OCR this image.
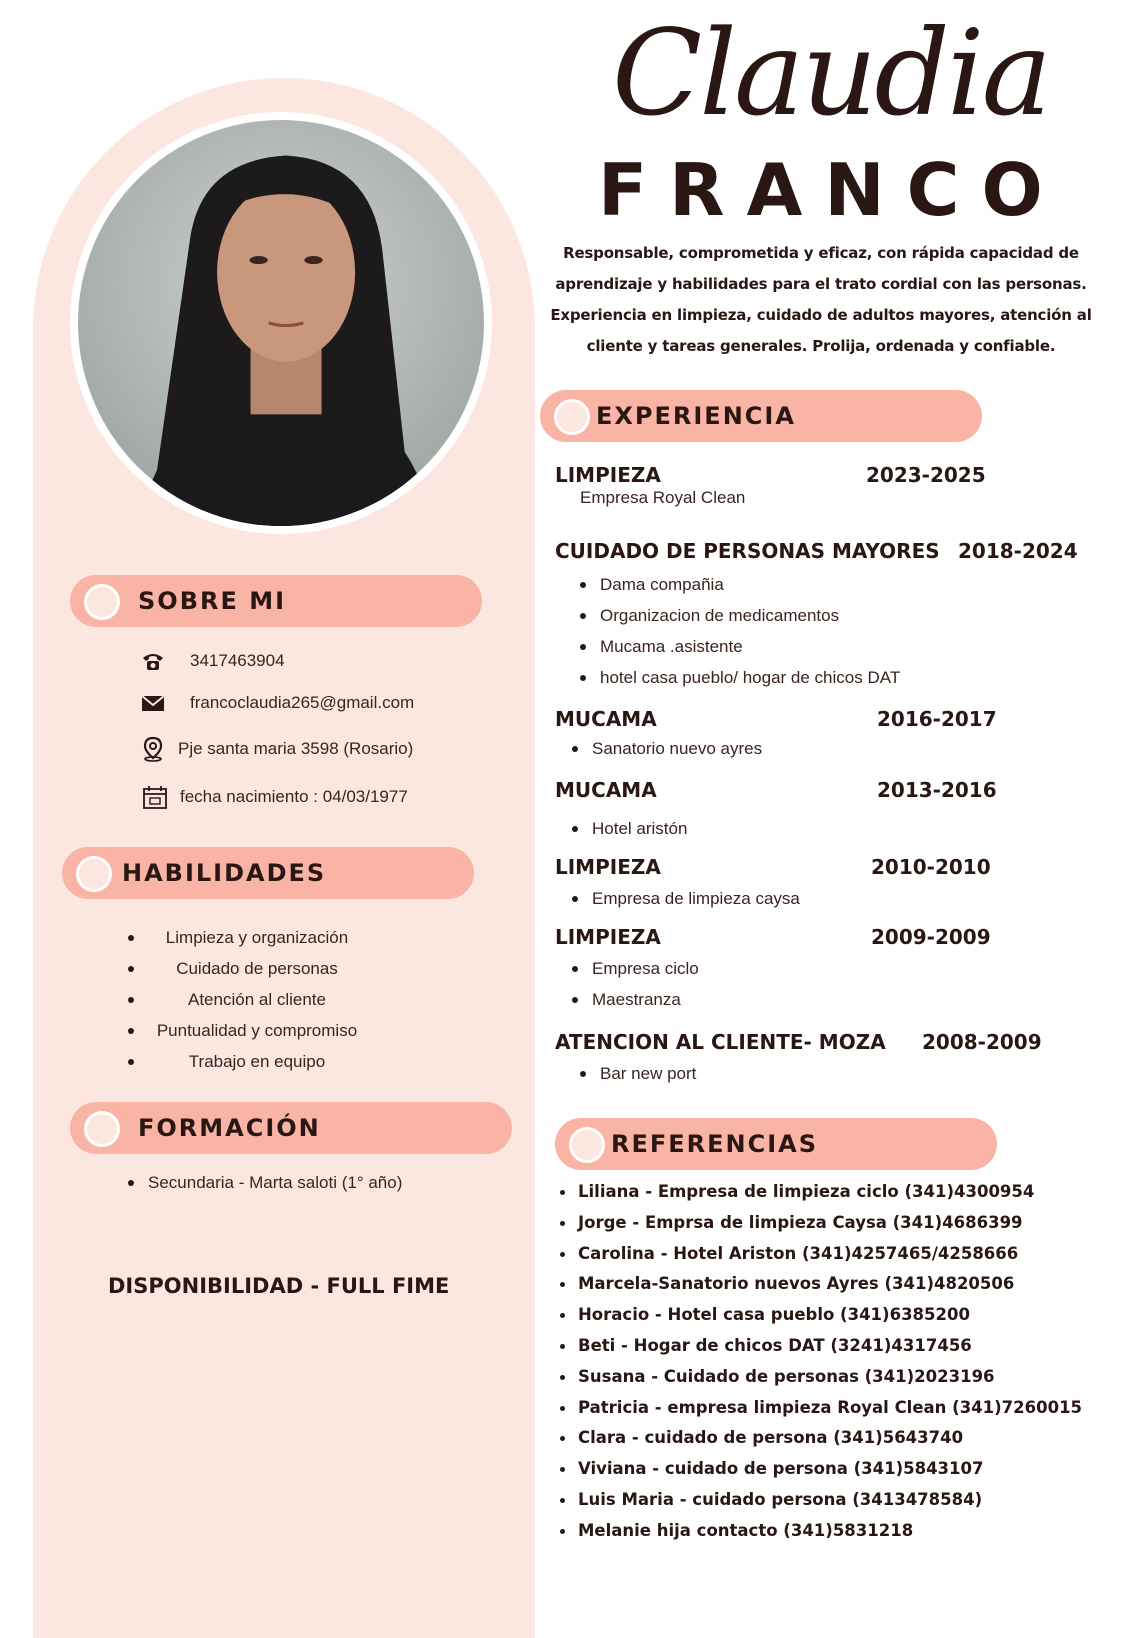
SOBRE MI
3417463904
francoclaudia265@gmail.com
Pje santa maria 3598 (Rosario)
fecha nacimiento : 04/03/1977
HABILIDADES
Limpieza y organización
Cuidado de personas
Atención al cliente
Puntualidad y compromiso
Trabajo en equipo
FORMACIÓN
Secundaria - Marta saloti (1° año)
DISPONIBILIDAD - FULL FIME
Claudia
FRANCO
Responsable, comprometida y eficaz, con rápida capacidad de aprendizaje y habilidades para el trato cordial con las personas. Experiencia en limpieza, cuidado de adultos mayores, atención al cliente y tareas generales. Prolija, ordenada y confiable.
EXPERIENCIA
LIMPIEZA	2023-2025
Empresa Royal Clean
CUIDADO DE PERSONAS MAYORES 2018-2024
Dama compañia
Organizacion de medicamentos
Mucama .asistente
hotel casa pueblo/ hogar de chicos DAT
MUCAMA	2016-2017
Sanatorio nuevo ayres
MUCAMA	2013-2016
Hotel aristón
LIMPIEZA	2010-2010
Empresa de limpieza caysa
LIMPIEZA	2009-2009
Empresa ciclo
Maestranza
ATENCION AL CLIENTE- MOZA 2008-2009
Bar new port
REFERENCIAS
Liliana - Empresa de limpieza ciclo (341)4300954
Jorge - Emprsa de limpieza Caysa (341)4686399
Carolina - Hotel Ariston (341)4257465/4258666
Marcela-Sanatorio nuevos Ayres (341)4820506
Horacio - Hotel casa pueblo (341)6385200
Beti - Hogar de chicos DAT (3241)4317456
Susana - Cuidado de personas (341)2023196
Patricia - empresa limpieza Royal Clean (341)7260015
Clara - cuidado de persona (341)5643740
Viviana - cuidado de persona (341)5843107
Luis Maria - cuidado persona (3413478584)
Melanie hija contacto (341)5831218
